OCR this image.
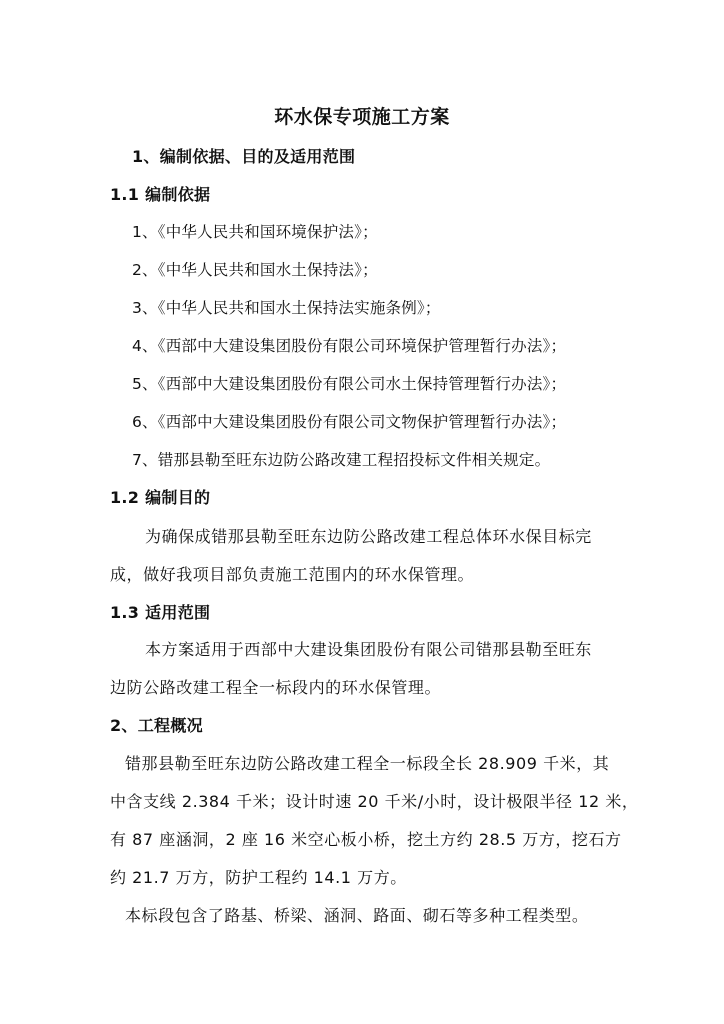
环水保专项施工方案
1、编制依据、目的及适用范围
1.1 编制依据
1、《中华人民共和国环境保护法》；
2、《中华人民共和国水土保持法》；
3、《中华人民共和国水土保持法实施条例》；
4、《西部中大建设集团股份有限公司环境保护管理暂行办法》；
5、《西部中大建设集团股份有限公司水土保持管理暂行办法》；
6、《西部中大建设集团股份有限公司文物保护管理暂行办法》；
7、错那县勒至旺东边防公路改建工程招投标文件相关规定。
1.2 编制目的
为确保成错那县勒至旺东边防公路改建工程总体环水保目标完
成，做好我项目部负责施工范围内的环水保管理。
1.3 适用范围
本方案适用于西部中大建设集团股份有限公司错那县勒至旺东
边防公路改建工程全一标段内的环水保管理。
2、工程概况
错那县勒至旺东边防公路改建工程全一标段全长 28.909 千米，其
中含支线 2.384 千米；设计时速 20 千米/小时，设计极限半径 12 米，
有 87 座涵洞，2 座 16 米空心板小桥，挖土方约 28.5 万方，挖石方
约 21.7 万方，防护工程约 14.1 万方。
本标段包含了路基、桥梁、涵洞、路面、砌石等多种工程类型。
